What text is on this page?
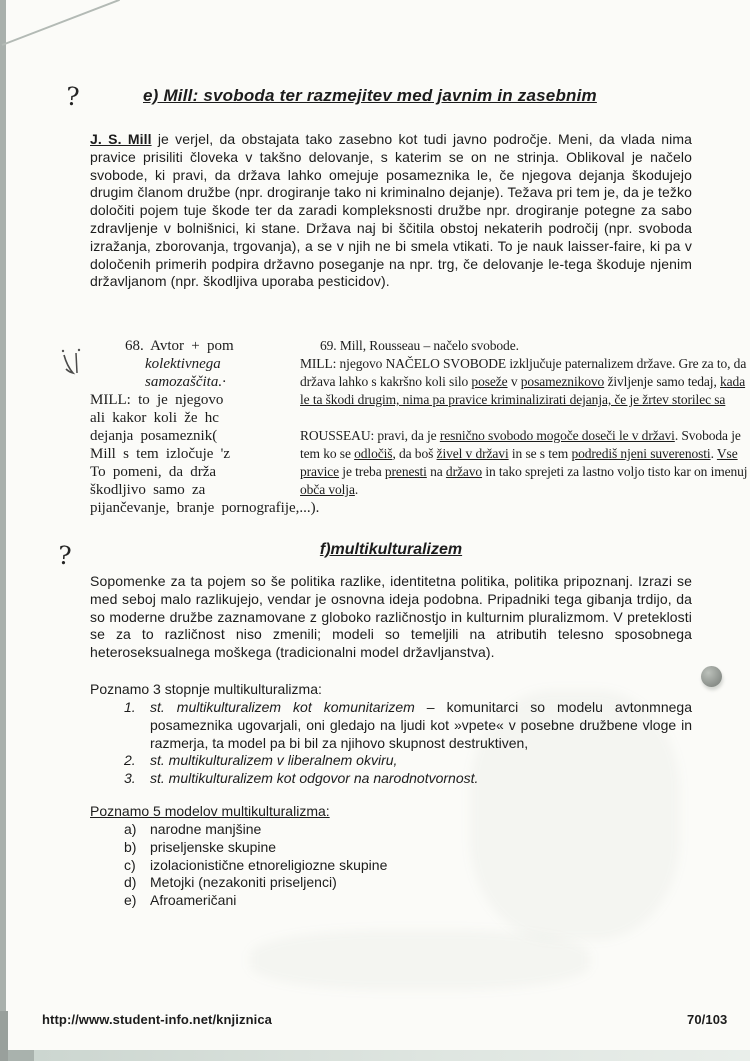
?
?
e) Mill: svoboda ter razmejitev med javnim in zasebnim
J. S. Mill je verjel, da obstajata tako zasebno kot tudi javno področje. Meni, da vlada nima pravice prisiliti človeka v takšno delovanje, s katerim se on ne strinja. Oblikoval je načelo svobode, ki pravi, da država lahko omejuje posameznika le, če njegova dejanja škodujejo drugim članom družbe (npr. drogiranje tako ni kriminalno dejanje). Težava pri tem je, da je težko določiti pojem tuje škode ter da zaradi kompleksnosti družbe npr. drogiranje potegne za sabo zdravljenje v bolnišnici, ki stane. Država naj bi ščitila obstoj nekaterih področij (npr. svoboda izražanja, zborovanja, trgovanja), a se v njih ne bi smela vtikati. To je nauk laisser-faire, ki pa v določenih primerih podpira državno poseganje na npr. trg, če delovanje le-tega škoduje njenim državljanom (npr. škodljiva uporaba pesticidov).
68. Avtor + pom	69. Mill, Rousseau – načelo svobode.
kolektivnega	MILL: njegovo NAČELO SVOBODE izključuje paternalizem države. Gre za to, da
samozaščita.·	država lahko s kakršno koli silo poseže v posameznikovo življenje samo tedaj, kada
MILL: to je njegovo	le ta škodi drugim, nima pa pravice kriminalizirati dejanja, če je žrtev storilec sa
ali kakor koli že hc
dejanja posameznik(	ROUSSEAU: pravi, da je resnično svobodo mogoče doseči le v državi. Svoboda je
Mill s tem izločuje 'z	tem ko se odločiš, da boš živel v državi in se s tem podrediš njeni suverenosti. Vse
To pomeni, da drža	pravice je treba prenesti na državo in tako sprejeti za lastno voljo tisto kar on imenuj
škodljivo samo za	obča volja.
pijančevanje, branje pornografije,...).
f)multikulturalizem
Sopomenke za ta pojem so še politika razlike, identitetna politika, politika pripoznanj. Izrazi se med seboj malo razlikujejo, vendar je osnovna ideja podobna. Pripadniki tega gibanja trdijo, da so moderne družbe zaznamovane z globoko različnostjo in kulturnim pluralizmom. V preteklosti se za to različnost niso zmenili; modeli so temeljili na atributih telesno sposobnega heteroseksualnega moškega (tradicionalni model državljanstva).
Poznamo 3 stopnje multikulturalizma:
1.	st. multikulturalizem kot komunitarizem – komunitarci so modelu avtonmnega posameznika ugovarjali, oni gledajo na ljudi kot »vpete« v posebne družbene vloge in razmerja, ta model pa bi bil za njihovo skupnost destruktiven,
2.	st. multikulturalizem v liberalnem okviru,
3.	st. multikulturalizem kot odgovor na narodnotvornost.
Poznamo 5 modelov multikulturalizma:
a) narodne manjšine
b) priseljenske skupine
c)	izolacionistične etnoreligiozne skupine
d) Metojki (nezakoniti priseljenci)
e) Afroameričani
http://www.student-info.net/knjiznica	70/103
